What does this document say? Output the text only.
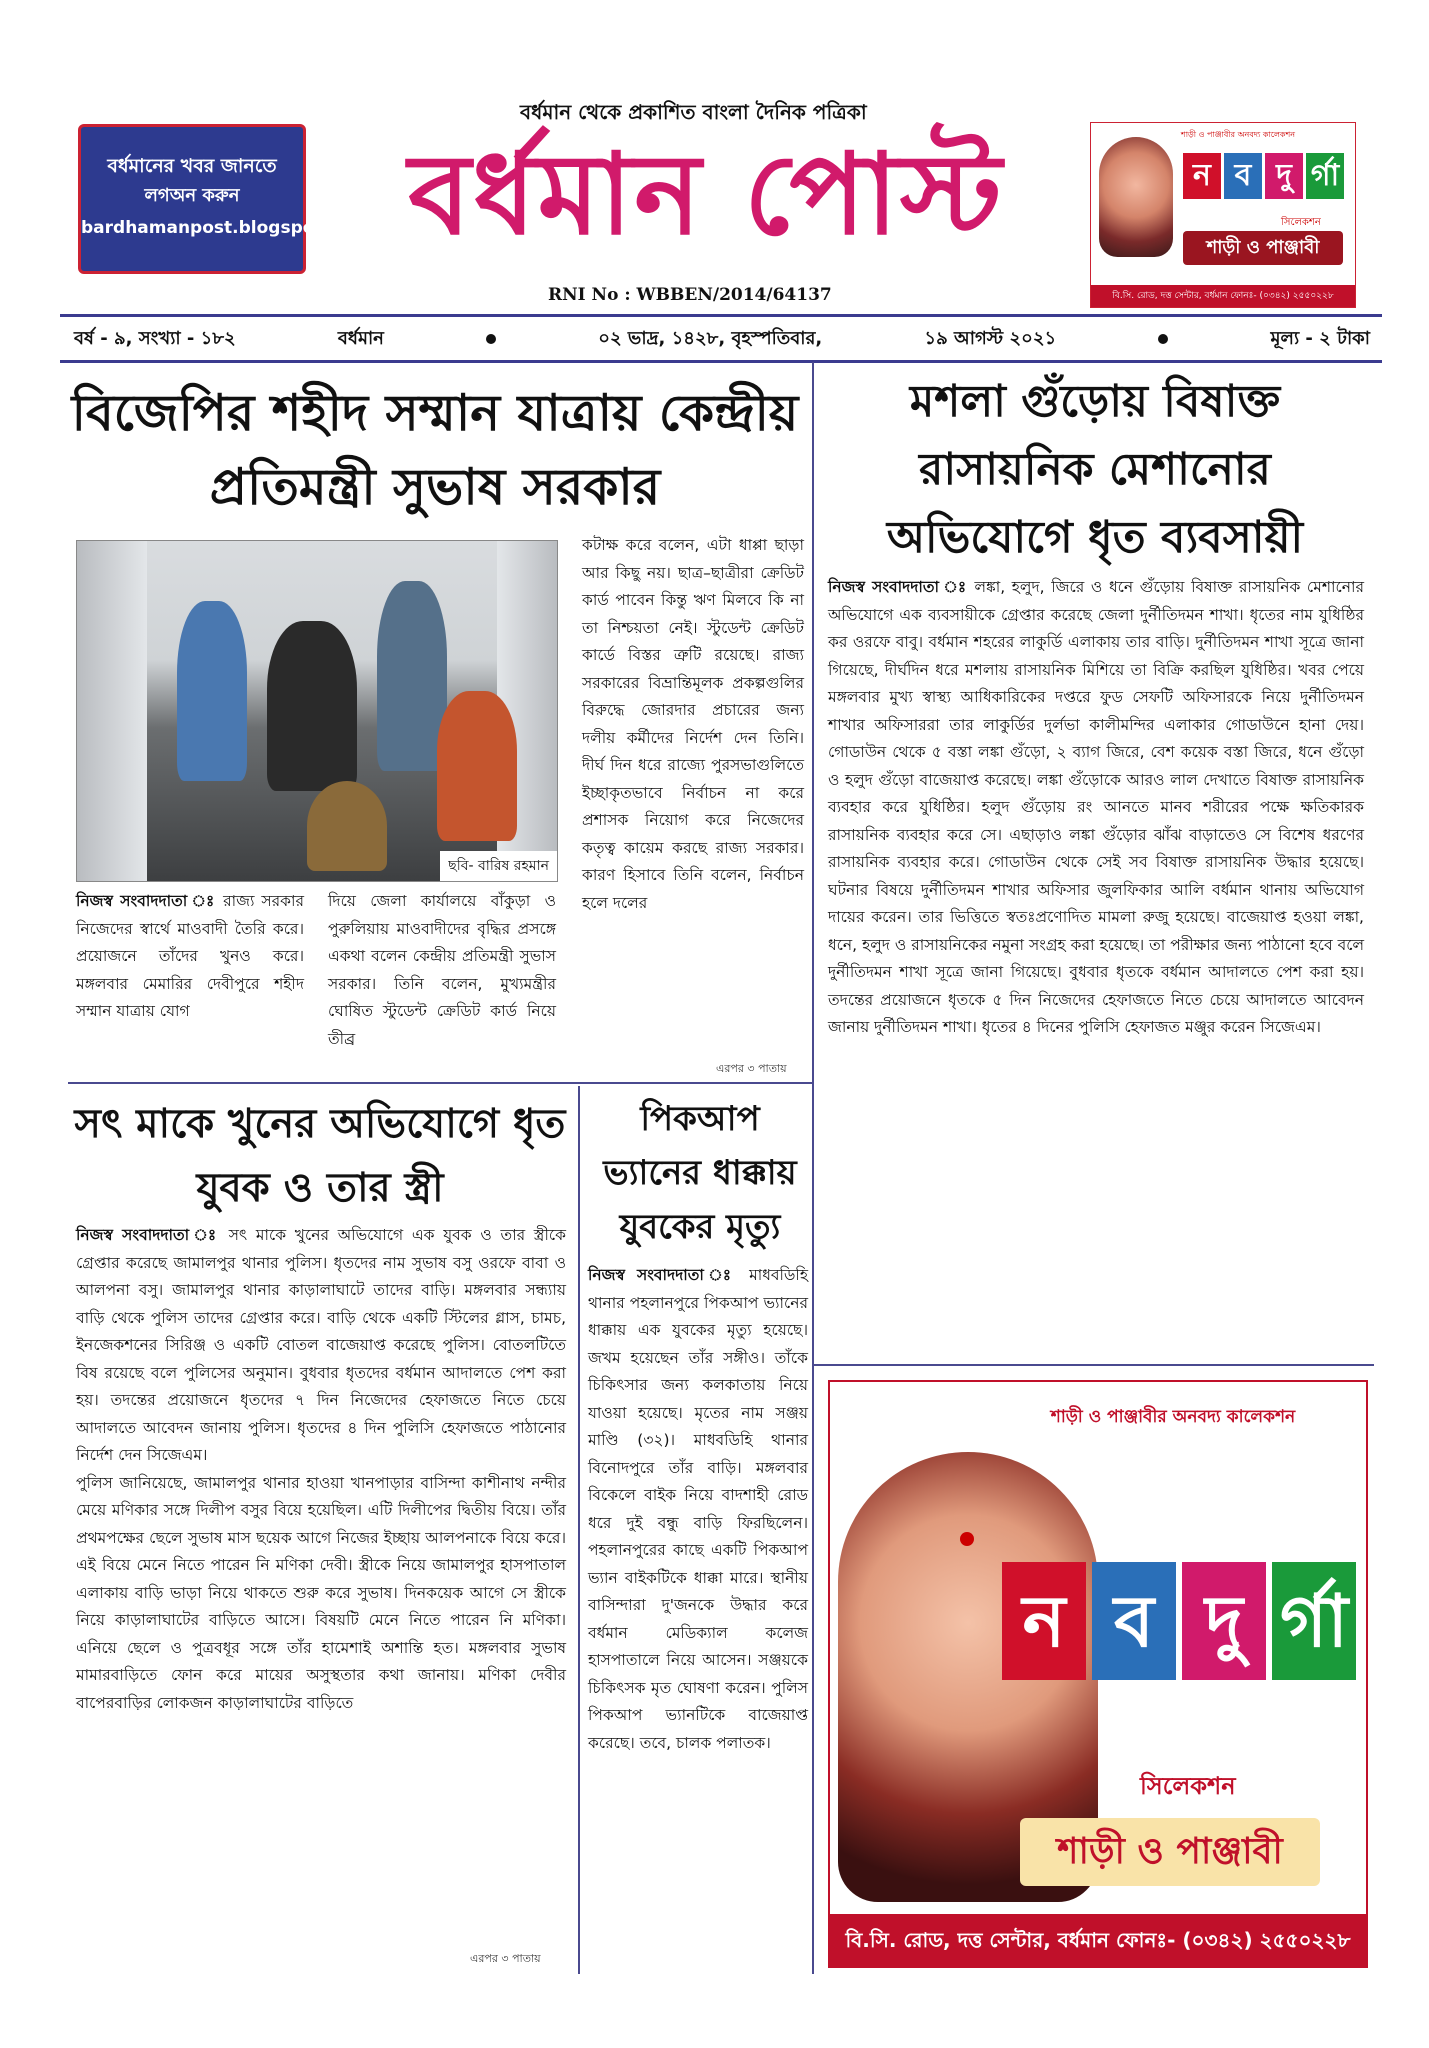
বর্ধমানের খবর জানতে
লগঅন করুন
bardhamanpost.blogspot.in
বর্ধমান থেকে প্রকাশিত বাংলা দৈনিক পত্রিকা
বর্ধমান পোস্ট
RNI No : WBBEN/2014/64137
শাড়ী ও পাঞ্জাবীর অনবদ্য কালেকশন
ন ব দু র্গা
সিলেকশন
শাড়ী ও পাঞ্জাবী
বি.সি. রোড, দত্ত সেন্টার, বর্ধমান ফোনঃ- (০৩৪২) ২৫৫০২২৮
বর্ষ - ৯, সংখ্যা - ১৮২	বর্ধমান	০২ ভাদ্র, ১৪২৮, বৃহস্পতিবার,	১৯ আগস্ট ২০২১	মূল্য - ২ টাকা
বিজেপির শহীদ সম্মান যাত্রায় কেন্দ্রীয় প্রতিমন্ত্রী সুভাষ সরকার
ছবি- বারিষ রহমান
নিজস্ব সংবাদদাতা ঃ রাজ্য সরকার নিজেদের স্বার্থে মাওবাদী তৈরি করে। প্রয়োজনে তাঁদের খুনও করে। মঙ্গলবার মেমারির দেবীপুরে শহীদ সম্মান যাত্রায় যোগ
দিয়ে জেলা কার্যালয়ে বাঁকুড়া ও পুরুলিয়ায় মাওবাদীদের বৃদ্ধির প্রসঙ্গে একথা বলেন কেন্দ্রীয় প্রতিমন্ত্রী সুভাস সরকার। তিনি বলেন, মুখ্যমন্ত্রীর ঘোষিত স্টুডেন্ট ক্রেডিট কার্ড নিয়ে তীব্র
কটাক্ষ করে বলেন, এটা ধাপ্পা ছাড়া আর কিছু নয়। ছাত্র–ছাত্রীরা ক্রেডিট কার্ড পাবেন কিন্তু ঋণ মিলবে কি না তা নিশ্চয়তা নেই। স্টুডেন্ট ক্রেডিট কার্ডে বিস্তর ত্রুটি রয়েছে। রাজ্য সরকারের বিভ্রান্তিমূলক প্রকল্পগুলির বিরুদ্ধে জোরদার প্রচারের জন্য দলীয় কর্মীদের নির্দেশ দেন তিনি। দীর্ঘ দিন ধরে রাজ্যে পুরসভাগুলিতে ইচ্ছাকৃতভাবে নির্বাচন না করে প্রশাসক নিয়োগ করে নিজেদের কতৃত্ব কায়েম করছে রাজ্য সরকার। কারণ হিসাবে তিনি বলেন, নির্বাচন হলে দলের
এরপর ৩ পাতায়
মশলা গুঁড়োয় বিষাক্ত রাসায়নিক মেশানোর অভিযোগে ধৃত ব্যবসায়ী
নিজস্ব সংবাদদাতা ঃ লঙ্কা, হলুদ, জিরে ও ধনে গুঁড়োয় বিষাক্ত রাসায়নিক মেশানোর অভিযোগে এক ব্যবসায়ীকে গ্রেপ্তার করেছে জেলা দুর্নীতিদমন শাখা। ধৃতের নাম যুধিষ্ঠির কর ওরফে বাবু। বর্ধমান শহরের লাকুর্ডি এলাকায় তার বাড়ি। দুর্নীতিদমন শাখা সূত্রে জানা গিয়েছে, দীর্ঘদিন ধরে মশলায় রাসায়নিক মিশিয়ে তা বিক্রি করছিল যুধিষ্ঠির। খবর পেয়ে মঙ্গলবার মুখ্য স্বাস্থ্য আধিকারিকের দপ্তরে ফুড সেফটি অফিসারকে নিয়ে দুর্নীতিদমন শাখার অফিসাররা তার লাকুর্ডির দুর্লভা কালীমন্দির এলাকার গোডাউনে হানা দেয়। গোডাউন থেকে ৫ বস্তা লঙ্কা গুঁড়ো, ২ ব্যাগ জিরে, বেশ কয়েক বস্তা জিরে, ধনে গুঁড়ো ও হলুদ গুঁড়ো বাজেয়াপ্ত করেছে। লঙ্কা গুঁড়োকে আরও লাল দেখাতে বিষাক্ত রাসায়নিক ব্যবহার করে যুধিষ্ঠির। হলুদ গুঁড়োয় রং আনতে মানব শরীরের পক্ষে ক্ষতিকারক রাসায়নিক ব্যবহার করে সে। এছাড়াও লঙ্কা গুঁড়োর ঝাঁঝ বাড়াতেও সে বিশেষ ধরণের রাসায়নিক ব্যবহার করে। গোডাউন থেকে সেই সব বিষাক্ত রাসায়নিক উদ্ধার হয়েছে। ঘটনার বিষয়ে দুর্নীতিদমন শাখার অফিসার জুলফিকার আলি বর্ধমান থানায় অভিযোগ দায়ের করেন। তার ভিত্তিতে স্বতঃপ্রণোদিত মামলা রুজু হয়েছে। বাজেয়াপ্ত হওয়া লঙ্কা, ধনে, হলুদ ও রাসায়নিকের নমুনা সংগ্রহ করা হয়েছে। তা পরীক্ষার জন্য পাঠানো হবে বলে দুর্নীতিদমন শাখা সূত্রে জানা গিয়েছে। বুধবার ধৃতকে বর্ধমান আদালতে পেশ করা হয়। তদন্তের প্রয়োজনে ধৃতকে ৫ দিন নিজেদের হেফাজতে নিতে চেয়ে আদালতে আবেদন জানায় দুর্নীতিদমন শাখা। ধৃতের ৪ দিনের পুলিসি হেফাজত মঞ্জুর করেন সিজেএম।
সৎ মাকে খুনের অভিযোগে ধৃত যুবক ও তার স্ত্রী
নিজস্ব সংবাদদাতা ঃ সৎ মাকে খুনের অভিযোগে এক যুবক ও তার স্ত্রীকে গ্রেপ্তার করেছে জামালপুর থানার পুলিস। ধৃতদের নাম সুভাষ বসু ওরফে বাবা ও আলপনা বসু। জামালপুর থানার কাড়ালাঘাটে তাদের বাড়ি। মঙ্গলবার সন্ধ্যায় বাড়ি থেকে পুলিস তাদের গ্রেপ্তার করে। বাড়ি থেকে একটি স্টিলের গ্লাস, চামচ, ইনজেকশনের সিরিঞ্জ ও একটি বোতল বাজেয়াপ্ত করেছে পুলিস। বোতলটিতে বিষ রয়েছে বলে পুলিসের অনুমান। বুধবার ধৃতদের বর্ধমান আদালতে পেশ করা হয়। তদন্তের প্রয়োজনে ধৃতদের ৭ দিন নিজেদের হেফাজতে নিতে চেয়ে আদালতে আবেদন জানায় পুলিস। ধৃতদের ৪ দিন পুলিসি হেফাজতে পাঠানোর নির্দেশ দেন সিজেএম।
পুলিস জানিয়েছে, জামালপুর থানার হাওয়া খানপাড়ার বাসিন্দা কাশীনাথ নন্দীর মেয়ে মণিকার সঙ্গে দিলীপ বসুর বিয়ে হয়েছিল। এটি দিলীপের দ্বিতীয় বিয়ে। তাঁর প্রথমপক্ষের ছেলে সুভাষ মাস ছয়েক আগে নিজের ইচ্ছায় আলপনাকে বিয়ে করে। এই বিয়ে মেনে নিতে পারেন নি মণিকা দেবী। স্ত্রীকে নিয়ে জামালপুর হাসপাতাল এলাকায় বাড়ি ভাড়া নিয়ে থাকতে শুরু করে সুভাষ। দিনকয়েক আগে সে স্ত্রীকে নিয়ে কাড়ালাঘাটের বাড়িতে আসে। বিষয়টি মেনে নিতে পারেন নি মণিকা। এনিয়ে ছেলে ও পুত্রবধূর সঙ্গে তাঁর হামেশাই অশান্তি হত। মঙ্গলবার সুভাষ মামারবাড়িতে ফোন করে মায়ের অসুস্থতার কথা জানায়। মণিকা দেবীর বাপেরবাড়ির লোকজন কাড়ালাঘাটের বাড়িতে
এরপর ৩ পাতায়
পিকআপ ভ্যানের ধাক্কায় যুবকের মৃত্যু
নিজস্ব সংবাদদাতা ঃ মাধবডিহি থানার পহলানপুরে পিকআপ ভ্যানের ধাক্কায় এক যুবকের মৃত্যু হয়েছে। জখম হয়েছেন তাঁর সঙ্গীও। তাঁকে চিকিৎসার জন্য কলকাতায় নিয়ে যাওয়া হয়েছে। মৃতের নাম সঞ্জয় মাণ্ডি (৩২)। মাধবডিহি থানার বিনোদপুরে তাঁর বাড়ি। মঙ্গলবার বিকেলে বাইক নিয়ে বাদশাহী রোড ধরে দুই বন্ধু বাড়ি ফিরছিলেন। পহলানপুরের কাছে একটি পিকআপ ভ্যান বাইকটিকে ধাক্কা মারে। স্থানীয় বাসিন্দারা দু'জনকে উদ্ধার করে বর্ধমান মেডিক্যাল কলেজ হাসপাতালে নিয়ে আসেন। সঞ্জয়কে চিকিৎসক মৃত ঘোষণা করেন। পুলিস পিকআপ ভ্যানটিকে বাজেয়াপ্ত করেছে। তবে, চালক পলাতক।
শাড়ী ও পাঞ্জাবীর অনবদ্য কালেকশন
ন ব দু র্গা
সিলেকশন
শাড়ী ও পাঞ্জাবী
বি.সি. রোড, দত্ত সেন্টার, বর্ধমান ফোনঃ- (০৩৪২) ২৫৫০২২৮
